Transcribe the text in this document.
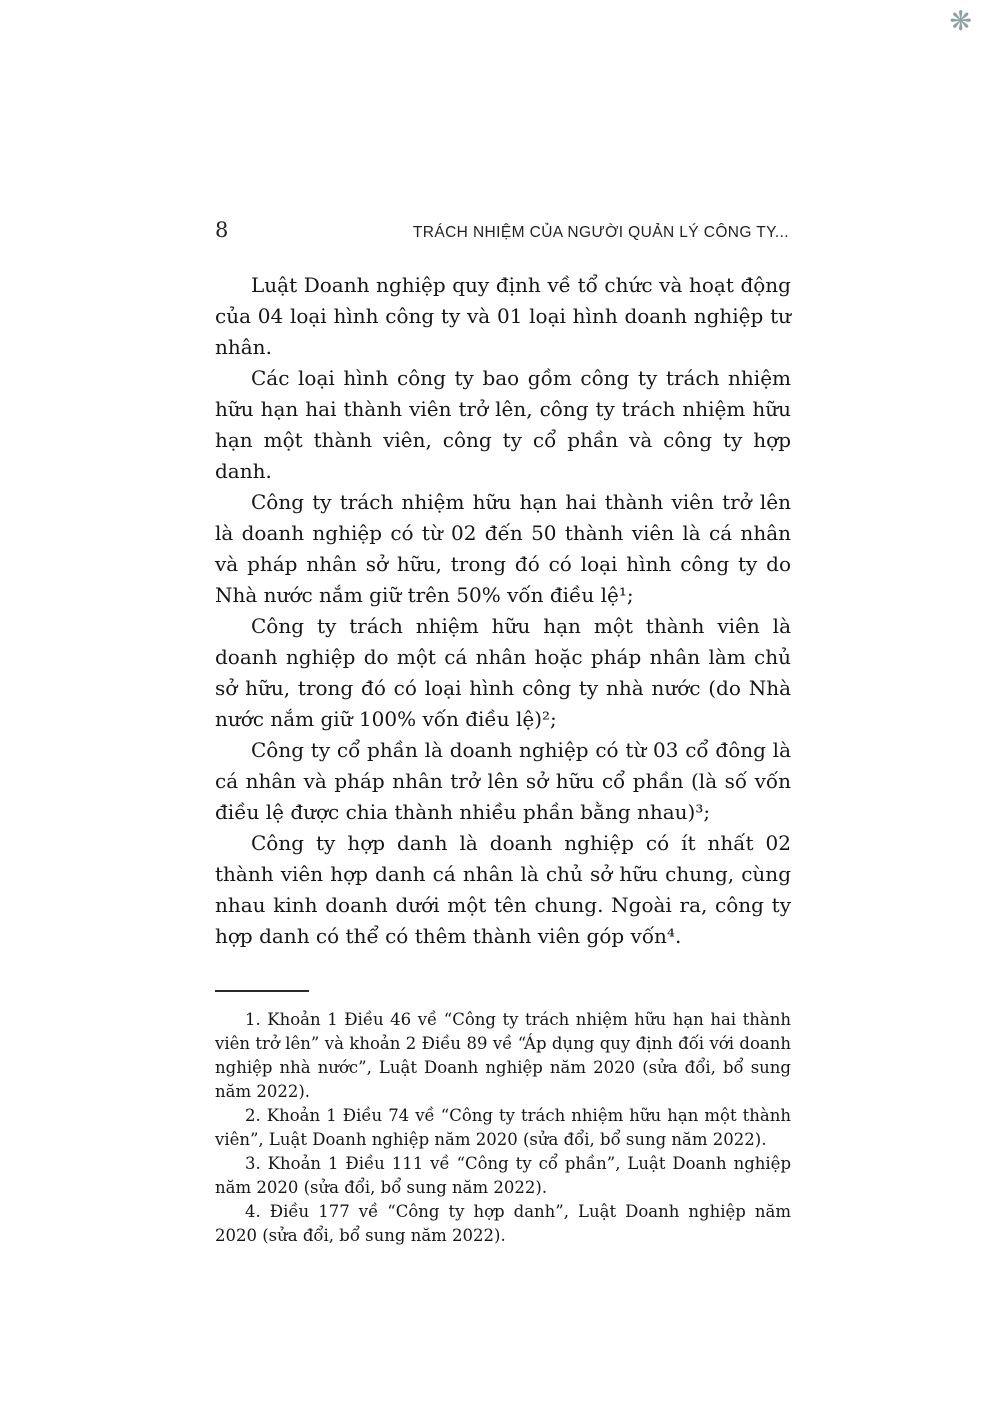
❋
8	TRÁCH NHIỆM CỦA NGƯỜI QUẢN LÝ CÔNG TY...

Luật Doanh nghiệp quy định về tổ chức và hoạt động của 04 loại hình công ty và 01 loại hình doanh nghiệp tư nhân.

Các loại hình công ty bao gồm công ty trách nhiệm hữu hạn hai thành viên trở lên, công ty trách nhiệm hữu hạn một thành viên, công ty cổ phần và công ty hợp danh.

Công ty trách nhiệm hữu hạn hai thành viên trở lên là doanh nghiệp có từ 02 đến 50 thành viên là cá nhân và pháp nhân sở hữu, trong đó có loại hình công ty do Nhà nước nắm giữ trên 50% vốn điều lệ¹;

Công ty trách nhiệm hữu hạn một thành viên là doanh nghiệp do một cá nhân hoặc pháp nhân làm chủ sở hữu, trong đó có loại hình công ty nhà nước (do Nhà nước nắm giữ 100% vốn điều lệ)²;

Công ty cổ phần là doanh nghiệp có từ 03 cổ đông là cá nhân và pháp nhân trở lên sở hữu cổ phần (là số vốn điều lệ được chia thành nhiều phần bằng nhau)³;

Công ty hợp danh là doanh nghiệp có ít nhất 02 thành viên hợp danh cá nhân là chủ sở hữu chung, cùng nhau kinh doanh dưới một tên chung. Ngoài ra, công ty hợp danh có thể có thêm thành viên góp vốn⁴.

1. Khoản 1 Điều 46 về “Công ty trách nhiệm hữu hạn hai thành viên trở lên” và khoản 2 Điều 89 về “Áp dụng quy định đối với doanh nghiệp nhà nước”, Luật Doanh nghiệp năm 2020 (sửa đổi, bổ sung năm 2022).

2. Khoản 1 Điều 74 về “Công ty trách nhiệm hữu hạn một thành viên”, Luật Doanh nghiệp năm 2020 (sửa đổi, bổ sung năm 2022).

3. Khoản 1 Điều 111 về “Công ty cổ phần”, Luật Doanh nghiệp năm 2020 (sửa đổi, bổ sung năm 2022).

4. Điều 177 về “Công ty hợp danh”, Luật Doanh nghiệp năm 2020 (sửa đổi, bổ sung năm 2022).
